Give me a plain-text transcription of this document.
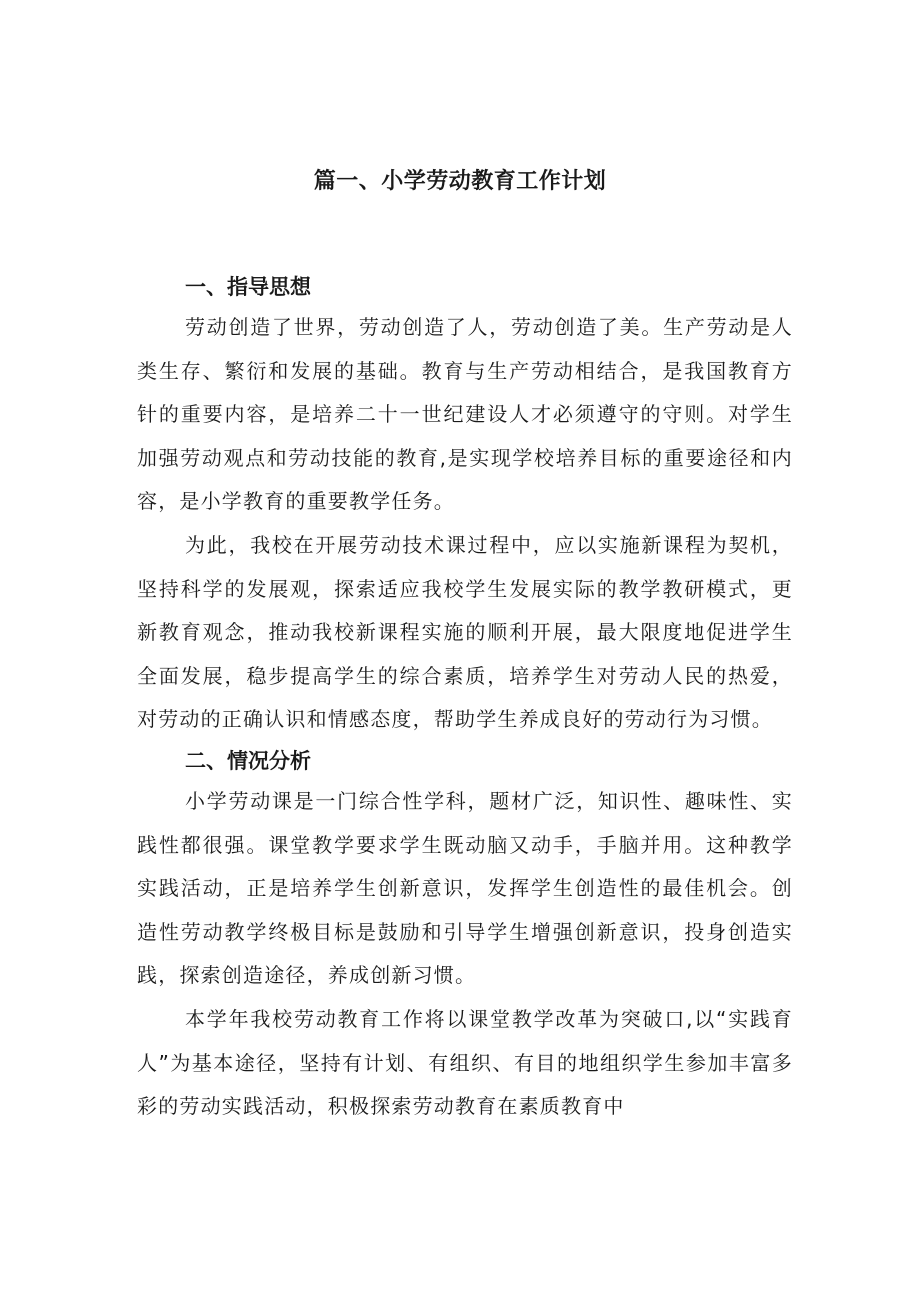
篇一、小学劳动教育工作计划
一、指导思想

劳动创造了世界，劳动创造了人，劳动创造了美。生产劳动是人类生存、繁衍和发展的基础。教育与生产劳动相结合，是我国教育方针的重要内容，是培养二十一世纪建设人才必须遵守的守则。对学生加强劳动观点和劳动技能的教育,是实现学校培养目标的重要途径和内容，是小学教育的重要教学任务。

为此，我校在开展劳动技术课过程中，应以实施新课程为契机，坚持科学的发展观，探索适应我校学生发展实际的教学教研模式，更新教育观念，推动我校新课程实施的顺利开展，最大限度地促进学生全面发展，稳步提高学生的综合素质，培养学生对劳动人民的热爱，对劳动的正确认识和情感态度，帮助学生养成良好的劳动行为习惯。

二、情况分析

小学劳动课是一门综合性学科，题材广泛，知识性、趣味性、实践性都很强。课堂教学要求学生既动脑又动手，手脑并用。这种教学实践活动，正是培养学生创新意识，发挥学生创造性的最佳机会。创造性劳动教学终极目标是鼓励和引导学生增强创新意识，投身创造实践，探索创造途径，养成创新习惯。

本学年我校劳动教育工作将以课堂教学改革为突破口,以“实践育人”为基本途径，坚持有计划、有组织、有目的地组织学生参加丰富多彩的劳动实践活动，积极探索劳动教育在素质教育中
